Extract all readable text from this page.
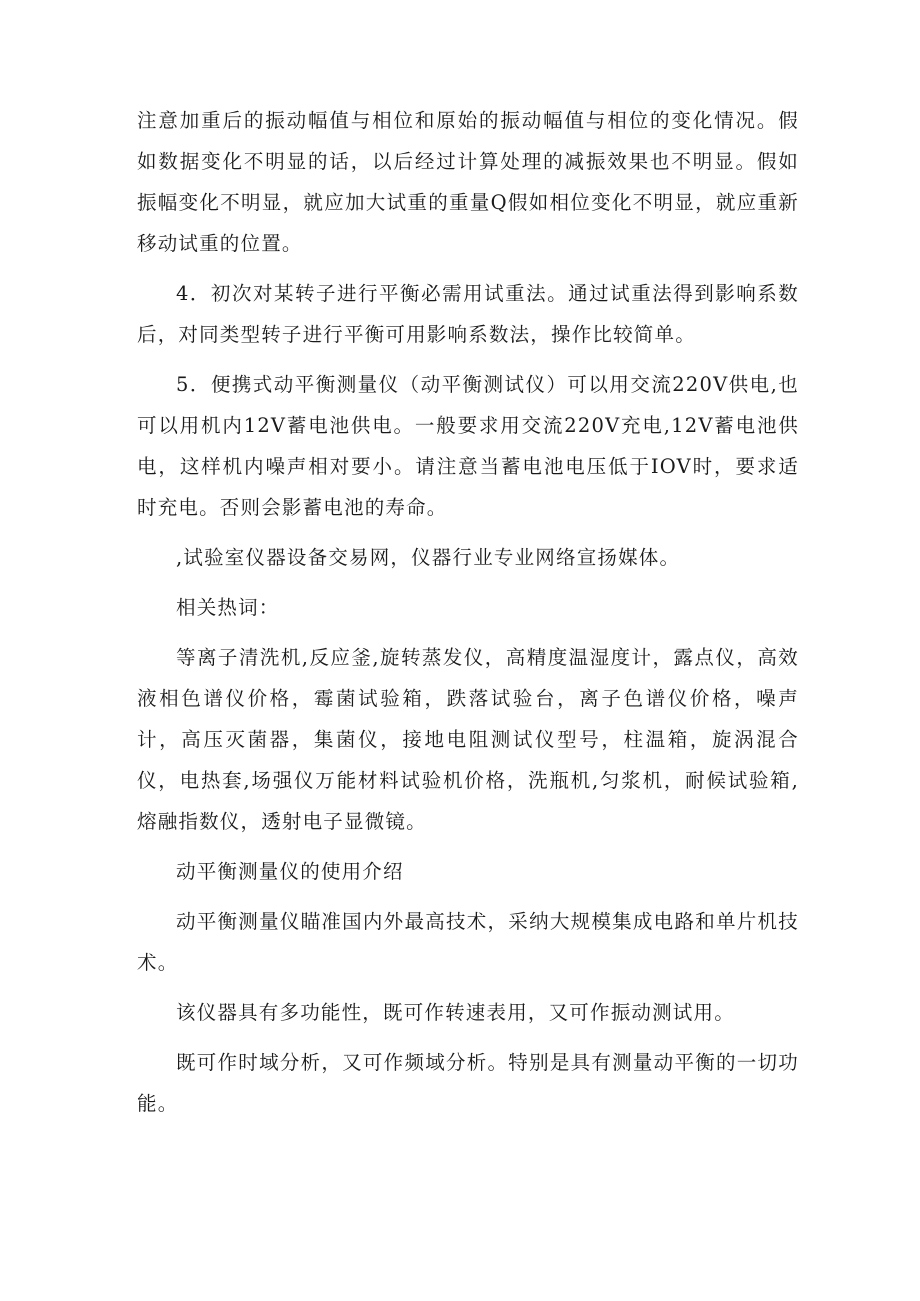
注意加重后的振动幅值与相位和原始的振动幅值与相位的变化情况。假如数据变化不明显的话，以后经过计算处理的减振效果也不明显。假如振幅变化不明显，就应加大试重的重量Q假如相位变化不明显，就应重新移动试重的位置。

4．初次对某转子进行平衡必需用试重法。通过试重法得到影响系数后，对同类型转子进行平衡可用影响系数法，操作比较简单。

5．便携式动平衡测量仪（动平衡测试仪）可以用交流220V供电,也可以用机内12V蓄电池供电。一般要求用交流220V充电,12V蓄电池供电，这样机内噪声相对要小。请注意当蓄电池电压低于IOV时，要求适时充电。否则会影蓄电池的寿命。

,试验室仪器设备交易网，仪器行业专业网络宣扬媒体。

相关热词：

等离子清洗机,反应釜,旋转蒸发仪，高精度温湿度计，露点仪，高效液相色谱仪价格，霉菌试验箱，跌落试验台，离子色谱仪价格，噪声计，高压灭菌器，集菌仪，接地电阻测试仪型号，柱温箱，旋涡混合仪，电热套,场强仪万能材料试验机价格，洗瓶机,匀浆机，耐候试验箱,熔融指数仪，透射电子显微镜。

动平衡测量仪的使用介绍

动平衡测量仪瞄准国内外最高技术，采纳大规模集成电路和单片机技术。

该仪器具有多功能性，既可作转速表用，又可作振动测试用。

既可作时域分析，又可作频域分析。特别是具有测量动平衡的一切功能。
